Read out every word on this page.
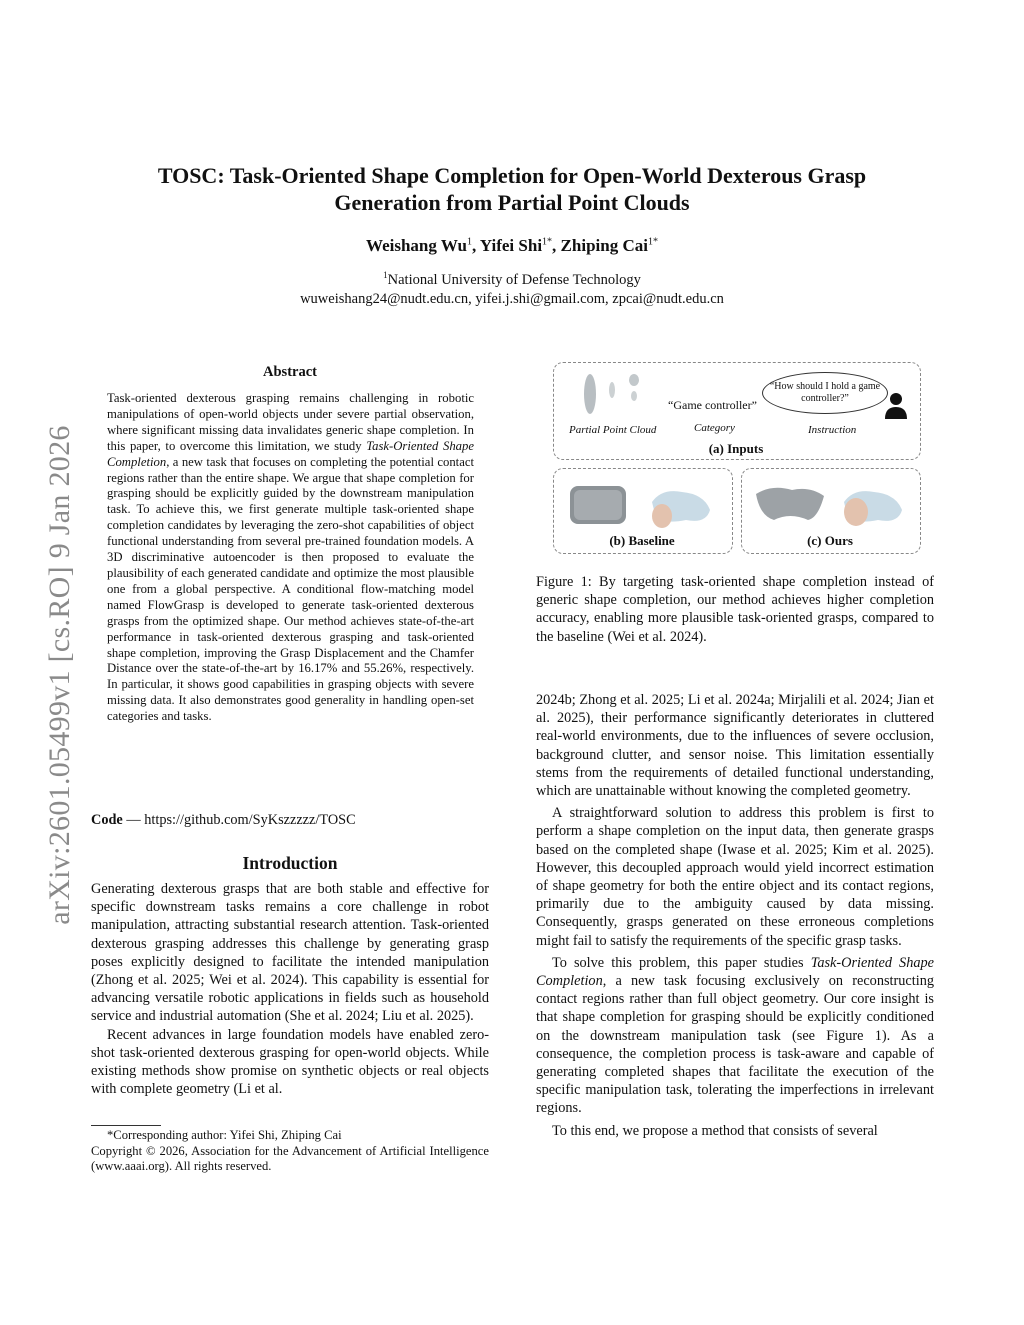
arXiv:2601.05499v1 [cs.RO] 9 Jan 2026
TOSC: Task-Oriented Shape Completion for Open-World Dexterous Grasp
Generation from Partial Point Clouds
Weishang Wu$^1$, Yifei Shi$^{1*}$, Zhiping Cai$^{1*}$
$^1$National University of Defense Technology
wuweishang24@nudt.edu.cn, yifei.j.shi@gmail.com, zpcai@nudt.edu.cn
Abstract

Task-oriented dexterous grasping remains challenging in robotic manipulations of open-world objects under severe partial observation, where significant missing data invalidates generic shape completion. In this paper, to overcome this limitation, we study Task-Oriented Shape Completion, a new task that focuses on completing the potential contact regions rather than the entire shape. We argue that shape completion for grasping should be explicitly guided by the downstream manipulation task. To achieve this, we first generate multiple task-oriented shape completion candidates by leveraging the zero-shot capabilities of object functional understanding from several pre-trained foundation models. A 3D discriminative autoencoder is then proposed to evaluate the plausibility of each generated candidate and optimize the most plausible one from a global perspective. A conditional flow-matching model named FlowGrasp is developed to generate task-oriented dexterous grasps from the optimized shape. Our method achieves state-of-the-art performance in task-oriented dexterous grasping and task-oriented shape completion, improving the Grasp Displacement and the Chamfer Distance over the state-of-the-art by 16.17% and 55.26%, respectively. In particular, it shows good capabilities in grasping objects with severe missing data. It also demonstrates good generality in handling open-set categories and tasks.

Code — https://github.com/SyKszzzzz/TOSC
Introduction

Generating dexterous grasps that are both stable and effective for specific downstream tasks remains a core challenge in robot manipulation, attracting substantial research attention. Task-oriented dexterous grasping addresses this challenge by generating grasp poses explicitly designed to facilitate the intended manipulation (Zhong et al. 2025; Wei et al. 2024). This capability is essential for advancing versatile robotic applications in fields such as household service and industrial automation (She et al. 2024; Liu et al. 2025).

Recent advances in large foundation models have enabled zero-shot task-oriented dexterous grasping for open-world objects. While existing methods show promise on synthetic objects or real objects with complete geometry (Li et al.

*Corresponding author: Yifei Shi, Zhiping Cai

Copyright © 2026, Association for the Advancement of Artificial Intelligence (www.aaai.org). All rights reserved.

Partial Point Cloud
“Game controller”
Category
“How should I hold a game controller?”
Instruction
(a) Inputs
(b) Baseline	(c) Ours
Figure 1: By targeting task-oriented shape completion instead of generic shape completion, our method achieves higher completion accuracy, enabling more plausible task-oriented grasps, compared to the baseline (Wei et al. 2024).

2024b; Zhong et al. 2025; Li et al. 2024a; Mirjalili et al. 2024; Jian et al. 2025), their performance significantly deteriorates in cluttered real-world environments, due to the influences of severe occlusion, background clutter, and sensor noise. This limitation essentially stems from the requirements of detailed functional understanding, which are unattainable without knowing the completed geometry.

A straightforward solution to address this problem is first to perform a shape completion on the input data, then generate grasps based on the completed shape (Iwase et al. 2025; Kim et al. 2025). However, this decoupled approach would yield incorrect estimation of shape geometry for both the entire object and its contact regions, primarily due to the ambiguity caused by data missing. Consequently, grasps generated on these erroneous completions might fail to satisfy the requirements of the specific grasp tasks.

To solve this problem, this paper studies Task-Oriented Shape Completion, a new task focusing exclusively on reconstructing contact regions rather than full object geometry. Our core insight is that shape completion for grasping should be explicitly conditioned on the downstream manipulation task (see Figure 1). As a consequence, the completion process is task-aware and capable of generating completed shapes that facilitate the execution of the specific manipulation task, tolerating the imperfections in irrelevant regions.

To this end, we propose a method that consists of several
